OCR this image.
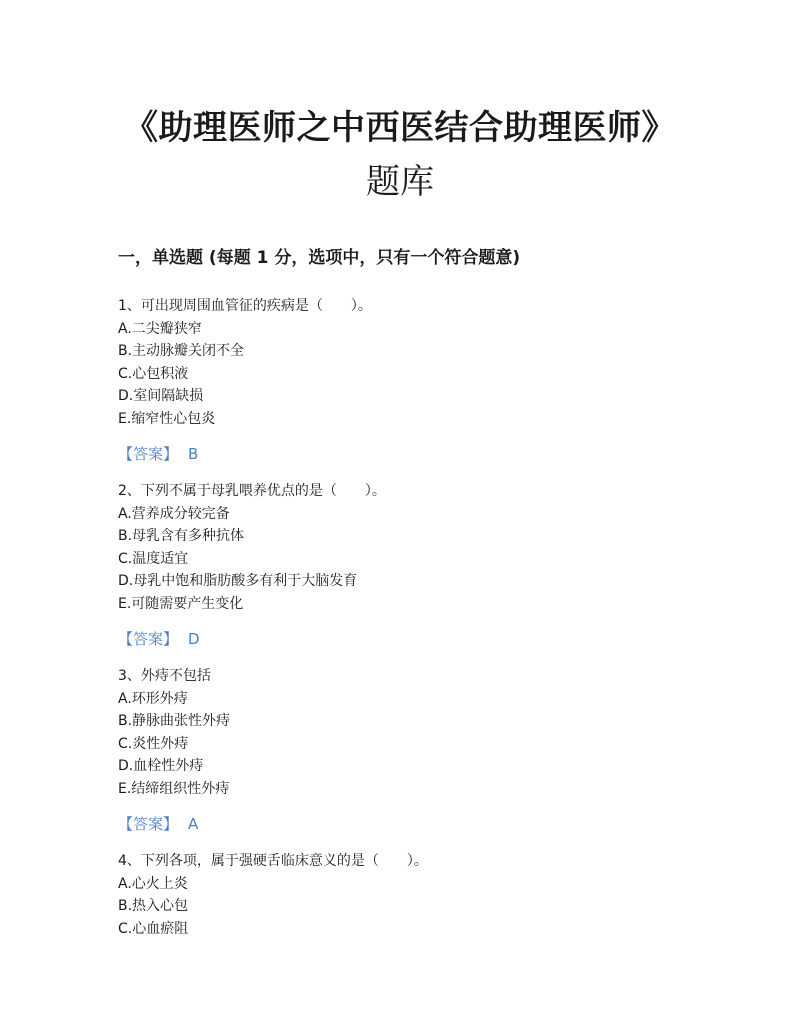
《助理医师之中西医结合助理医师》
题库
一，单选题 (每题 1 分，选项中，只有一个符合题意)
1、可出现周围血管征的疾病是（　　）。
A.二尖瓣狭窄
B.主动脉瓣关闭不全
C.心包积液
D.室间隔缺损
E.缩窄性心包炎
【答案】 B
2、下列不属于母乳喂养优点的是（　　）。
A.营养成分较完备
B.母乳含有多种抗体
C.温度适宜
D.母乳中饱和脂肪酸多有利于大脑发育
E.可随需要产生变化
【答案】 D
3、外痔不包括
A.环形外痔
B.静脉曲张性外痔
C.炎性外痔
D.血栓性外痔
E.结缔组织性外痔
【答案】 A
4、下列各项，属于强硬舌临床意义的是（　　）。
A.心火上炎
B.热入心包
C.心血瘀阻
